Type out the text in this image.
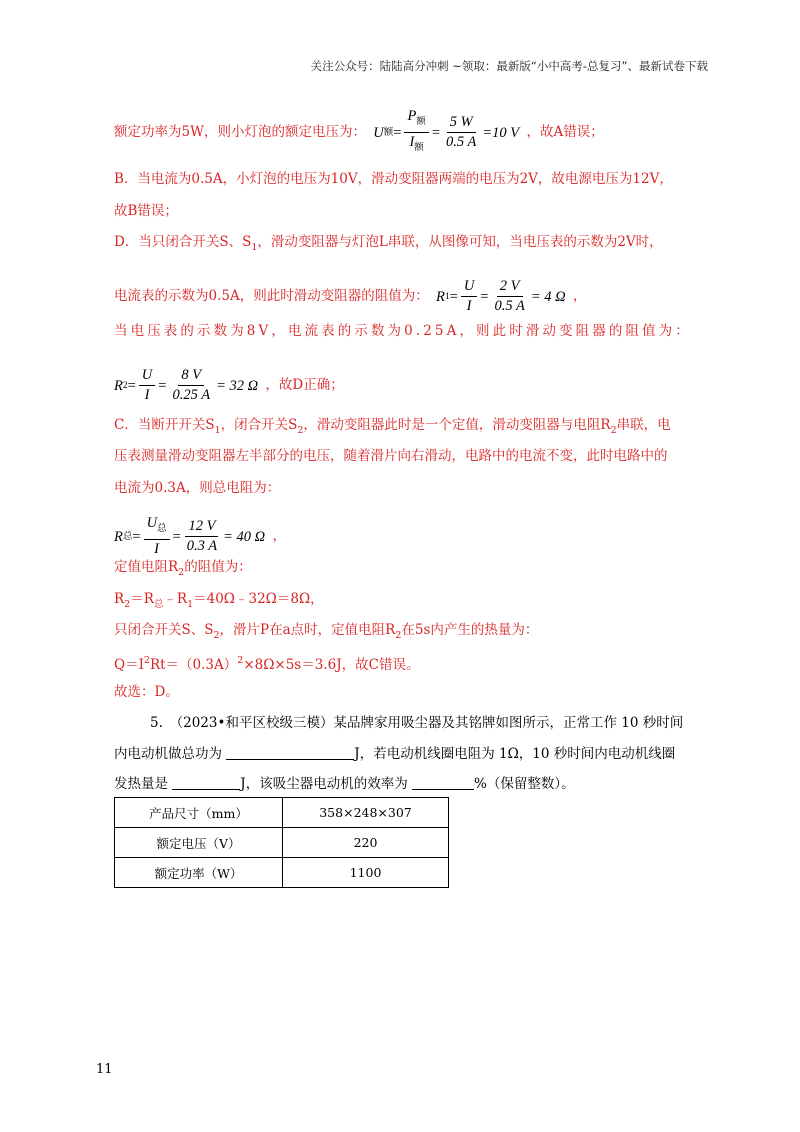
关注公众号：陆陆高分冲刺 ~领取：最新版“小中高考-总复习”、最新试卷下载
额定功率为5W，则小灯泡的额定电压为： U 额 = $\frac{P_额}{I_额} = \frac{5 W}{0.5 A} =10$ V ，故A错误；
B．当电流为0.5A，小灯泡的电压为10V，滑动变阻器两端的电压为2V，故电源电压为12V，
故B错误；
D．当只闭合开关S、$S_1$，滑动变阻器与灯泡L串联，从图像可知，当电压表的示数为2V时，
电流表的示数为0.5A，则此时滑动变阻器的阻值为： R $1 = \frac{U}{I} = \frac{2 V}{0.5 A} = 4$ Ω ，
当电压表的示数为8V，电流表的示数为0.25A，则此时滑动变阻器的阻值为：
R $2 = \frac{U}{I} = \frac{8 V}{0.25 A} = 32$ Ω ，故D正确；
C．当断开开关$S_1$，闭合开关$S_2$，滑动变阻器此时是一个定值，滑动变阻器与电阻$R_2$串联，电
压表测量滑动变阻器左半部分的电压，随着滑片向右滑动，电路中的电流不变，此时电路中的
电流为0.3A，则总电阻为：
R 总 = $\frac{U_总}{I} = \frac{12 V}{0.3 A} = 40$ Ω ，
定值电阻$R_2$的阻值为：
$R_2=R_总﹣R_1=40\Omega﹣32\Omega=8\Omega$，
只闭合开关S、$S_2$，滑片P在a点时，定值电阻$R_2$在5s内产生的热量为：
$Q=I^2Rt=(0.3A)^2\times 8\Omega\times 5s=3.6J$，故C错误。
故选：D。
5.　（2023•和平区校级三模）某品牌家用吸尘器及其铭牌如图所示，正常工作 10 秒时间
内电动机做总功为	J，若电动机线圈电阻为 1Ω，10 秒时间内电动机线圈
发热量是	J，该吸尘器电动机的效率为	%（保留整数）。
产品尺寸（mm）	358×248×307
额定电压（V）	220
额定功率（W）	1100
11
